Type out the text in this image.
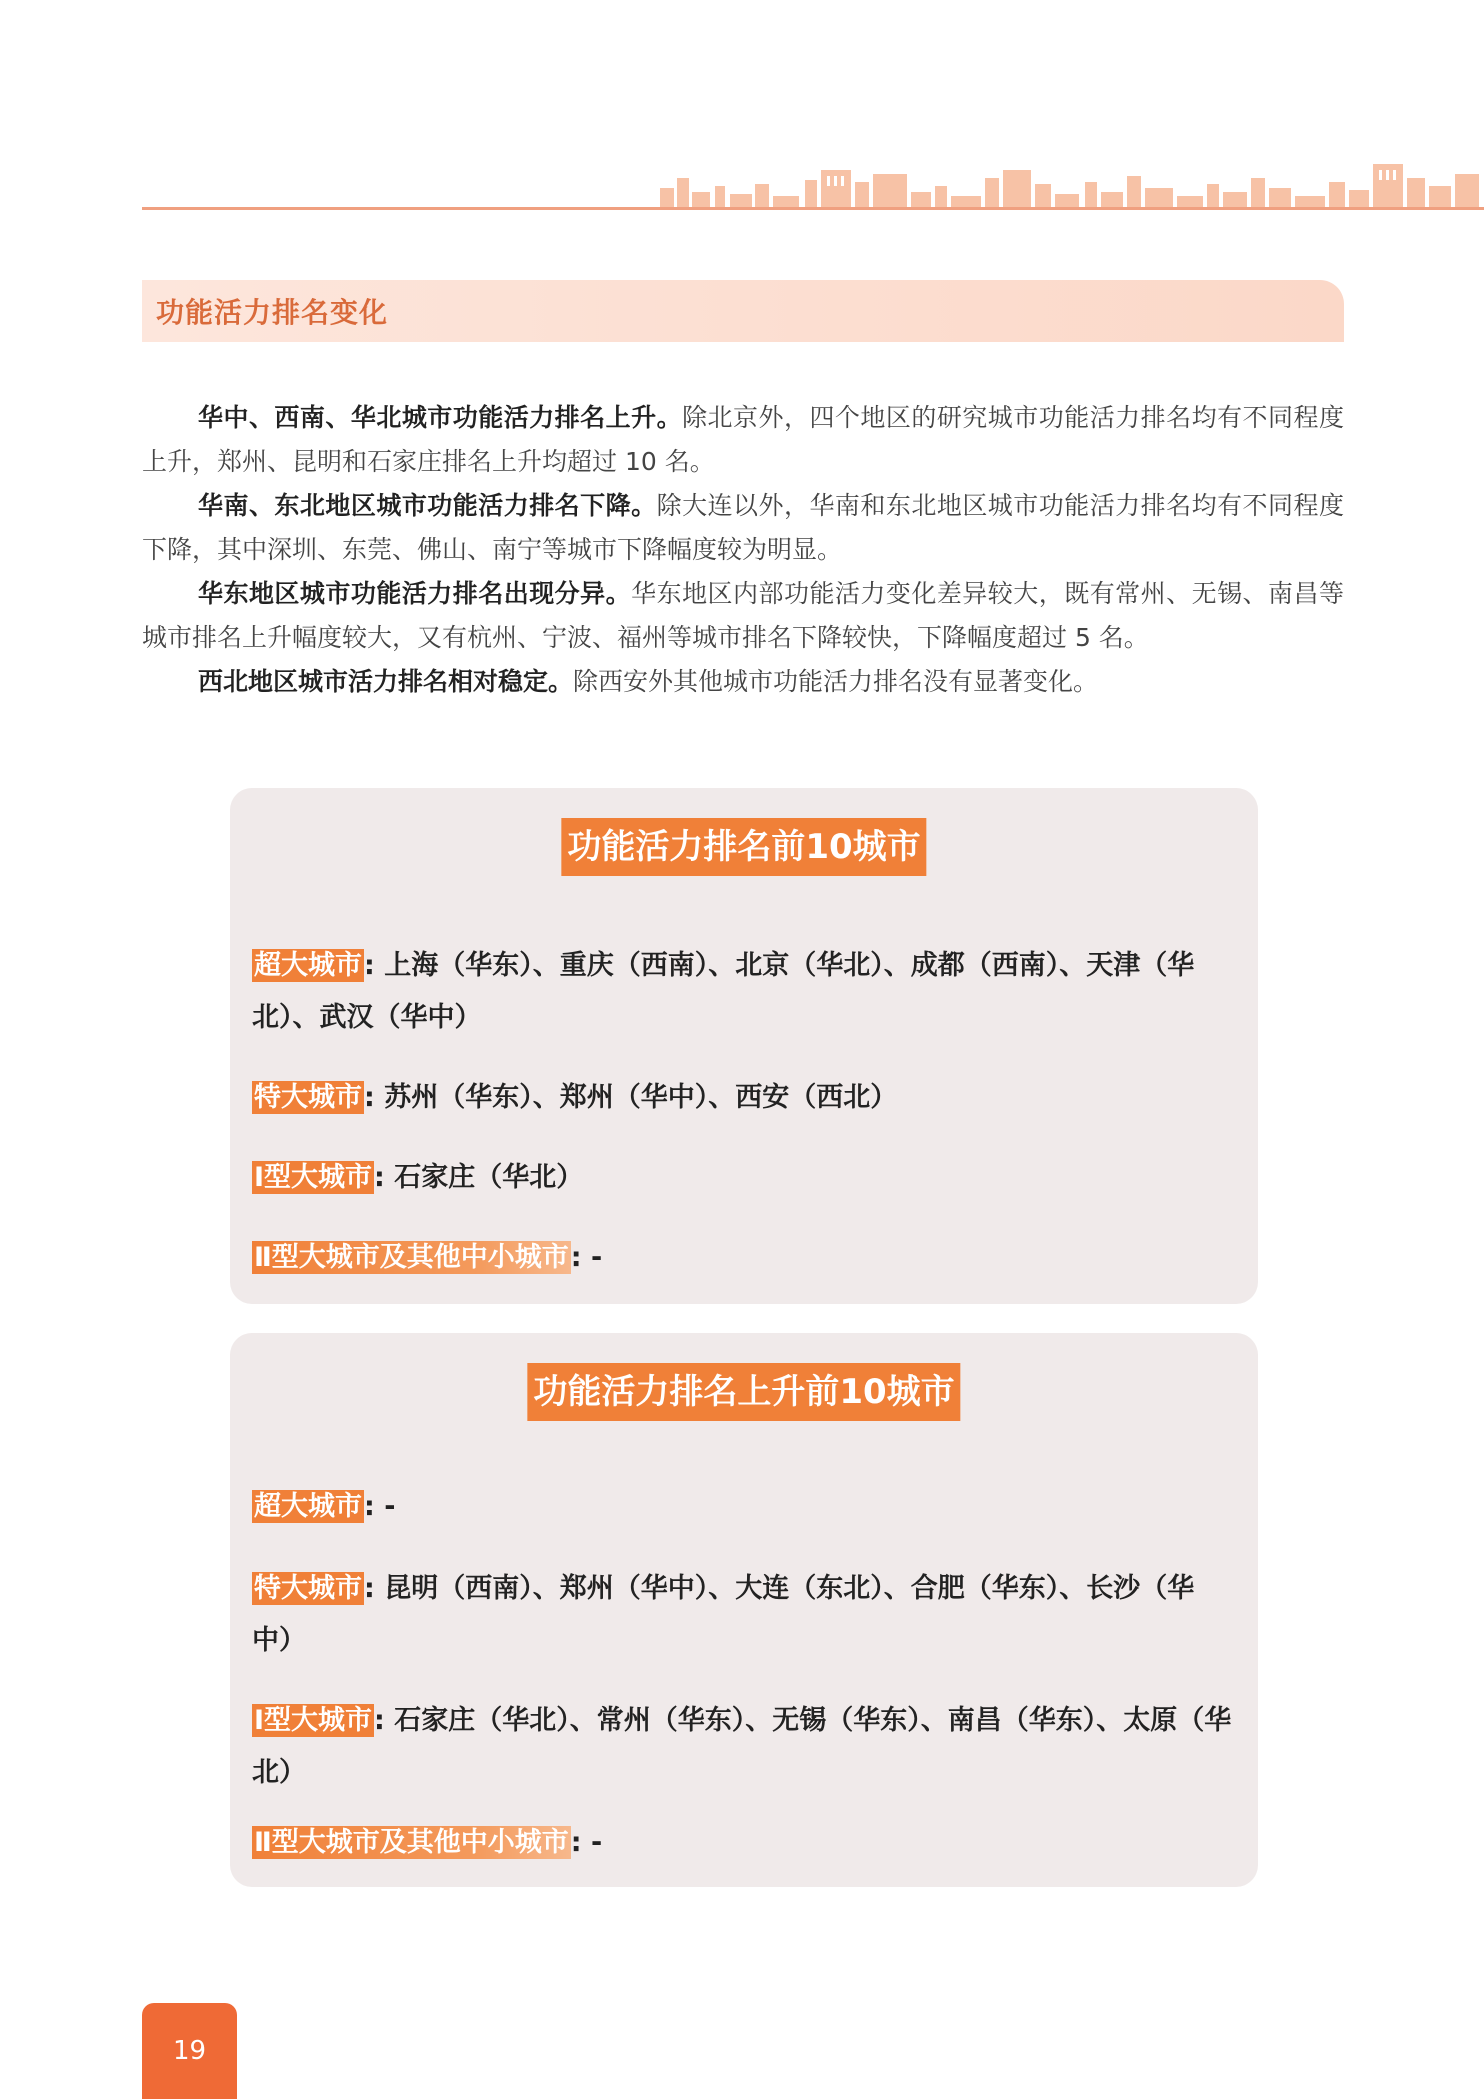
功能活力排名变化

华中、西南、华北城市功能活力排名上升。除北京外，四个地区的研究城市功能活力排名均有不同程度上升，郑州、昆明和石家庄排名上升均超过 10 名。

华南、东北地区城市功能活力排名下降。除大连以外，华南和东北地区城市功能活力排名均有不同程度下降，其中深圳、东莞、佛山、南宁等城市下降幅度较为明显。

华东地区城市功能活力排名出现分异。华东地区内部功能活力变化差异较大，既有常州、无锡、南昌等城市排名上升幅度较大，又有杭州、宁波、福州等城市排名下降较快，下降幅度超过 5 名。

西北地区城市活力排名相对稳定。除西安外其他城市功能活力排名没有显著变化。

功能活力排名前10城市
超大城市: 上海（华东）、重庆（西南）、北京（华北）、成都（西南）、天津（华北）、武汉（华中）
特大城市: 苏州（华东）、郑州（华中）、西安（西北）
Ⅰ型大城市: 石家庄（华北）
Ⅱ型大城市及其他中小城市: -
功能活力排名上升前10城市
超大城市: -
特大城市: 昆明（西南）、郑州（华中）、大连（东北）、合肥（华东）、长沙（华中）
Ⅰ型大城市: 石家庄（华北）、常州（华东）、无锡（华东）、南昌（华东）、太原（华北）
Ⅱ型大城市及其他中小城市: -
19
